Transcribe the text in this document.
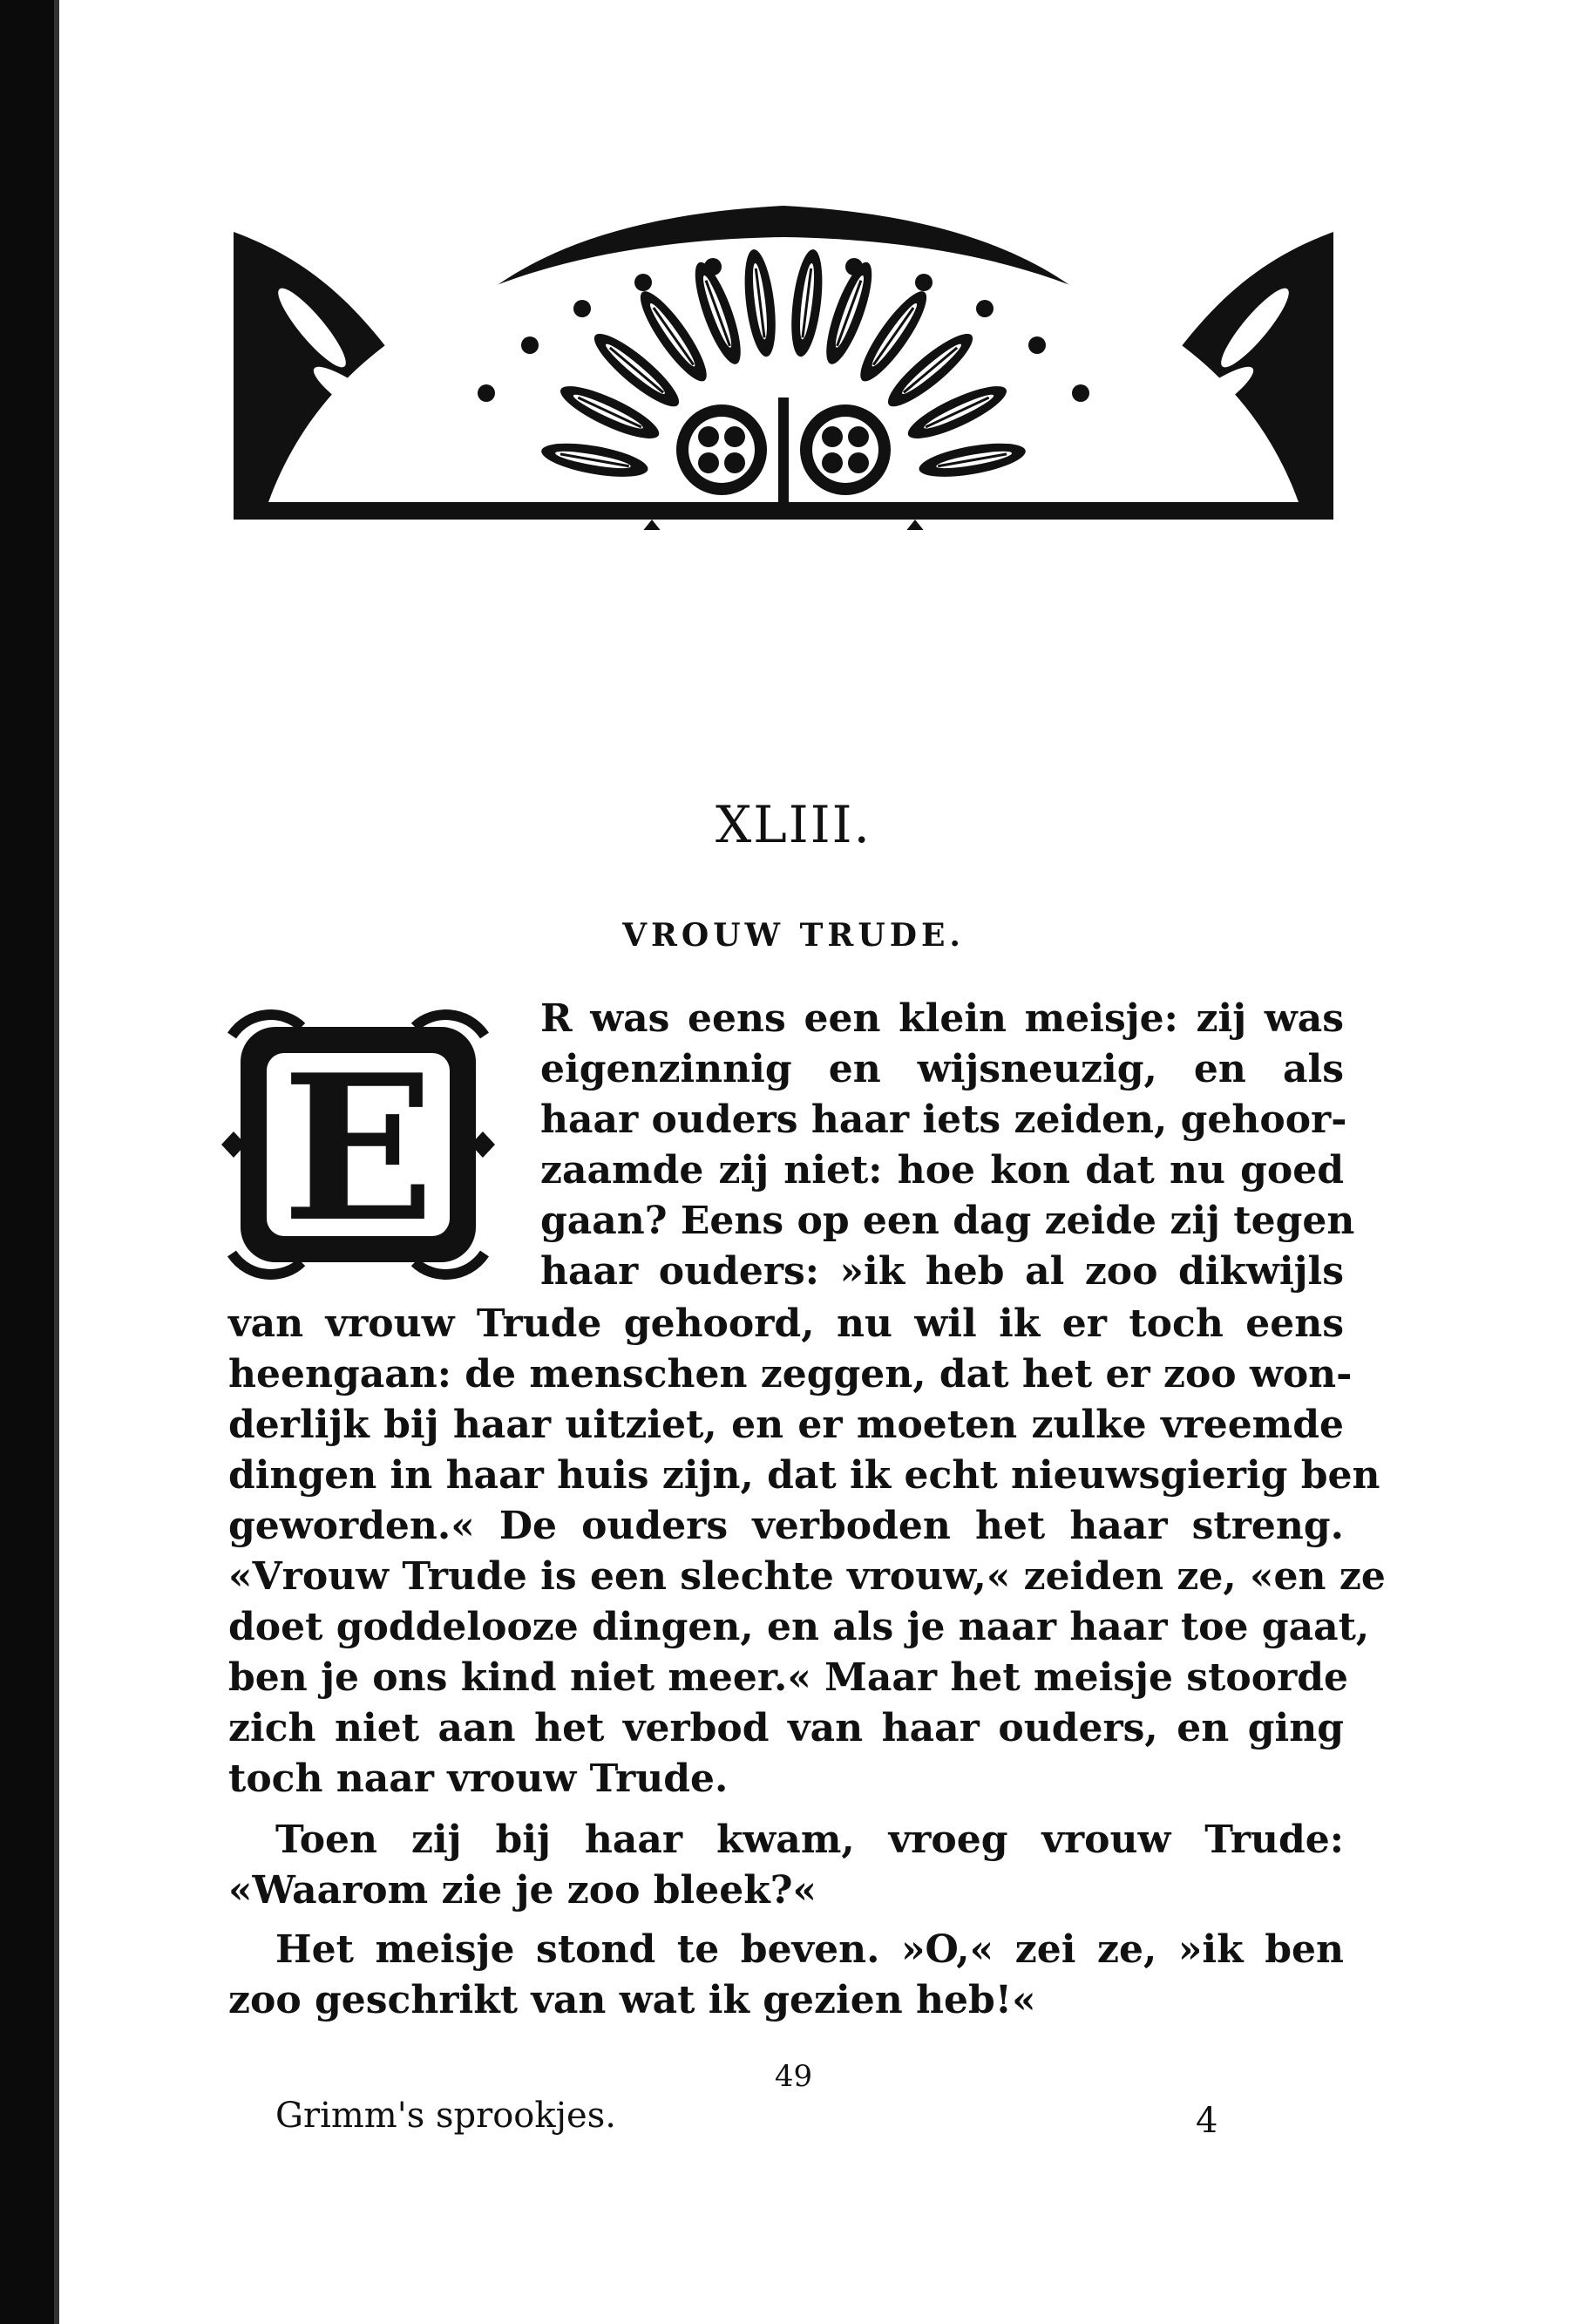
XLIII.
VROUW TRUDE.
E
R was eens een klein meisje: zij was
eigenzinnig en wijsneuzig, en als
haar ouders haar iets zeiden, gehoor-
zaamde zij niet: hoe kon dat nu goed
gaan? Eens op een dag zeide zij tegen
haar ouders: »ik heb al zoo dikwijls
van vrouw Trude gehoord, nu wil ik er toch eens
heengaan: de menschen zeggen, dat het er zoo won-
derlijk bij haar uitziet, en er moeten zulke vreemde
dingen in haar huis zijn, dat ik echt nieuwsgierig ben
geworden.« De ouders verboden het haar streng.
«Vrouw Trude is een slechte vrouw,« zeiden ze, «en ze
doet goddelooze dingen, en als je naar haar toe gaat,
ben je ons kind niet meer.« Maar het meisje stoorde
zich niet aan het verbod van haar ouders, en ging
toch naar vrouw Trude.
Toen zij bij haar kwam, vroeg vrouw Trude:
«Waarom zie je zoo bleek?«
Het meisje stond te beven. »O,« zei ze, »ik ben
zoo geschrikt van wat ik gezien heb!«
Grimm's sprookjes.
49
4
